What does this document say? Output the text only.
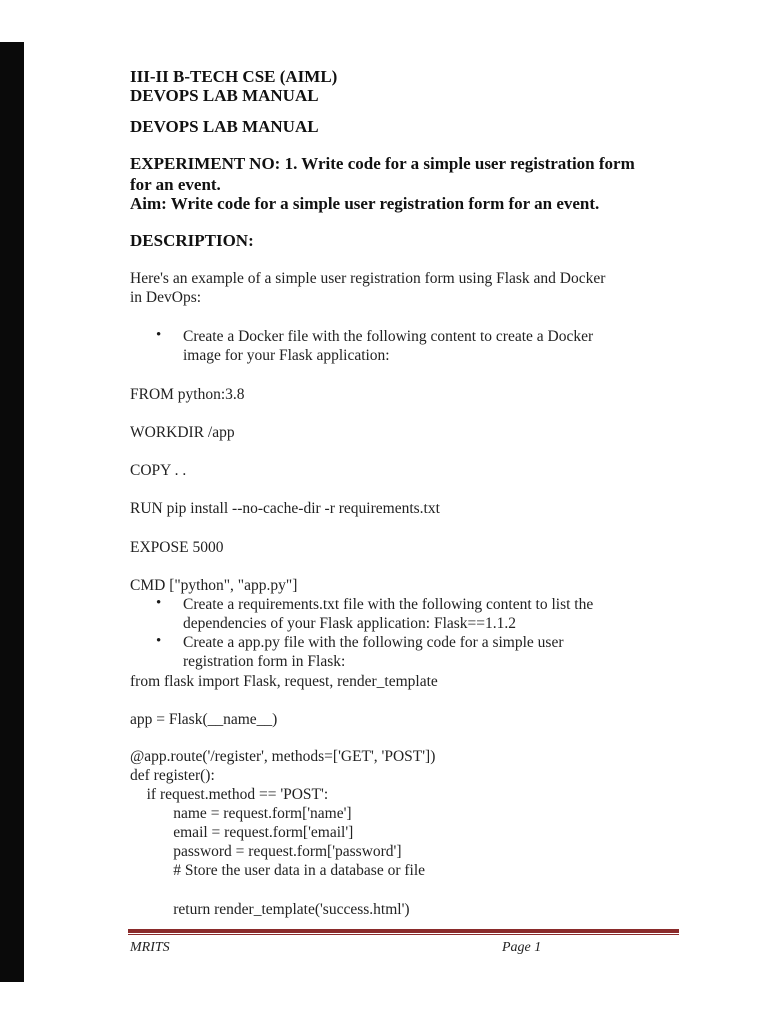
III-II B-TECH CSE (AIML)
DEVOPS LAB MANUAL
DEVOPS LAB MANUAL
EXPERIMENT NO: 1. Write code for a simple user registration form
for an event.
Aim: Write code for a simple user registration form for an event.
DESCRIPTION:
Here's an example of a simple user registration form using Flask and Docker
in DevOps:
• Create a Docker file with the following content to create a Docker
image for your Flask application:
FROM python:3.8
WORKDIR /app
COPY . .
RUN pip install --no-cache-dir -r requirements.txt
EXPOSE 5000
CMD ["python", "app.py"]
• Create a requirements.txt file with the following content to list the
dependencies of your Flask application: Flask==1.1.2
• Create a app.py file with the following code for a simple user
registration form in Flask:
from flask import Flask, request, render_template
app = Flask(__name__)
@app.route('/register', methods=['GET', 'POST'])
def register():
if request.method == 'POST':
name = request.form['name']
email = request.form['email']
password = request.form['password']
# Store the user data in a database or file
return render_template('success.html')
MRITS	Page 1
